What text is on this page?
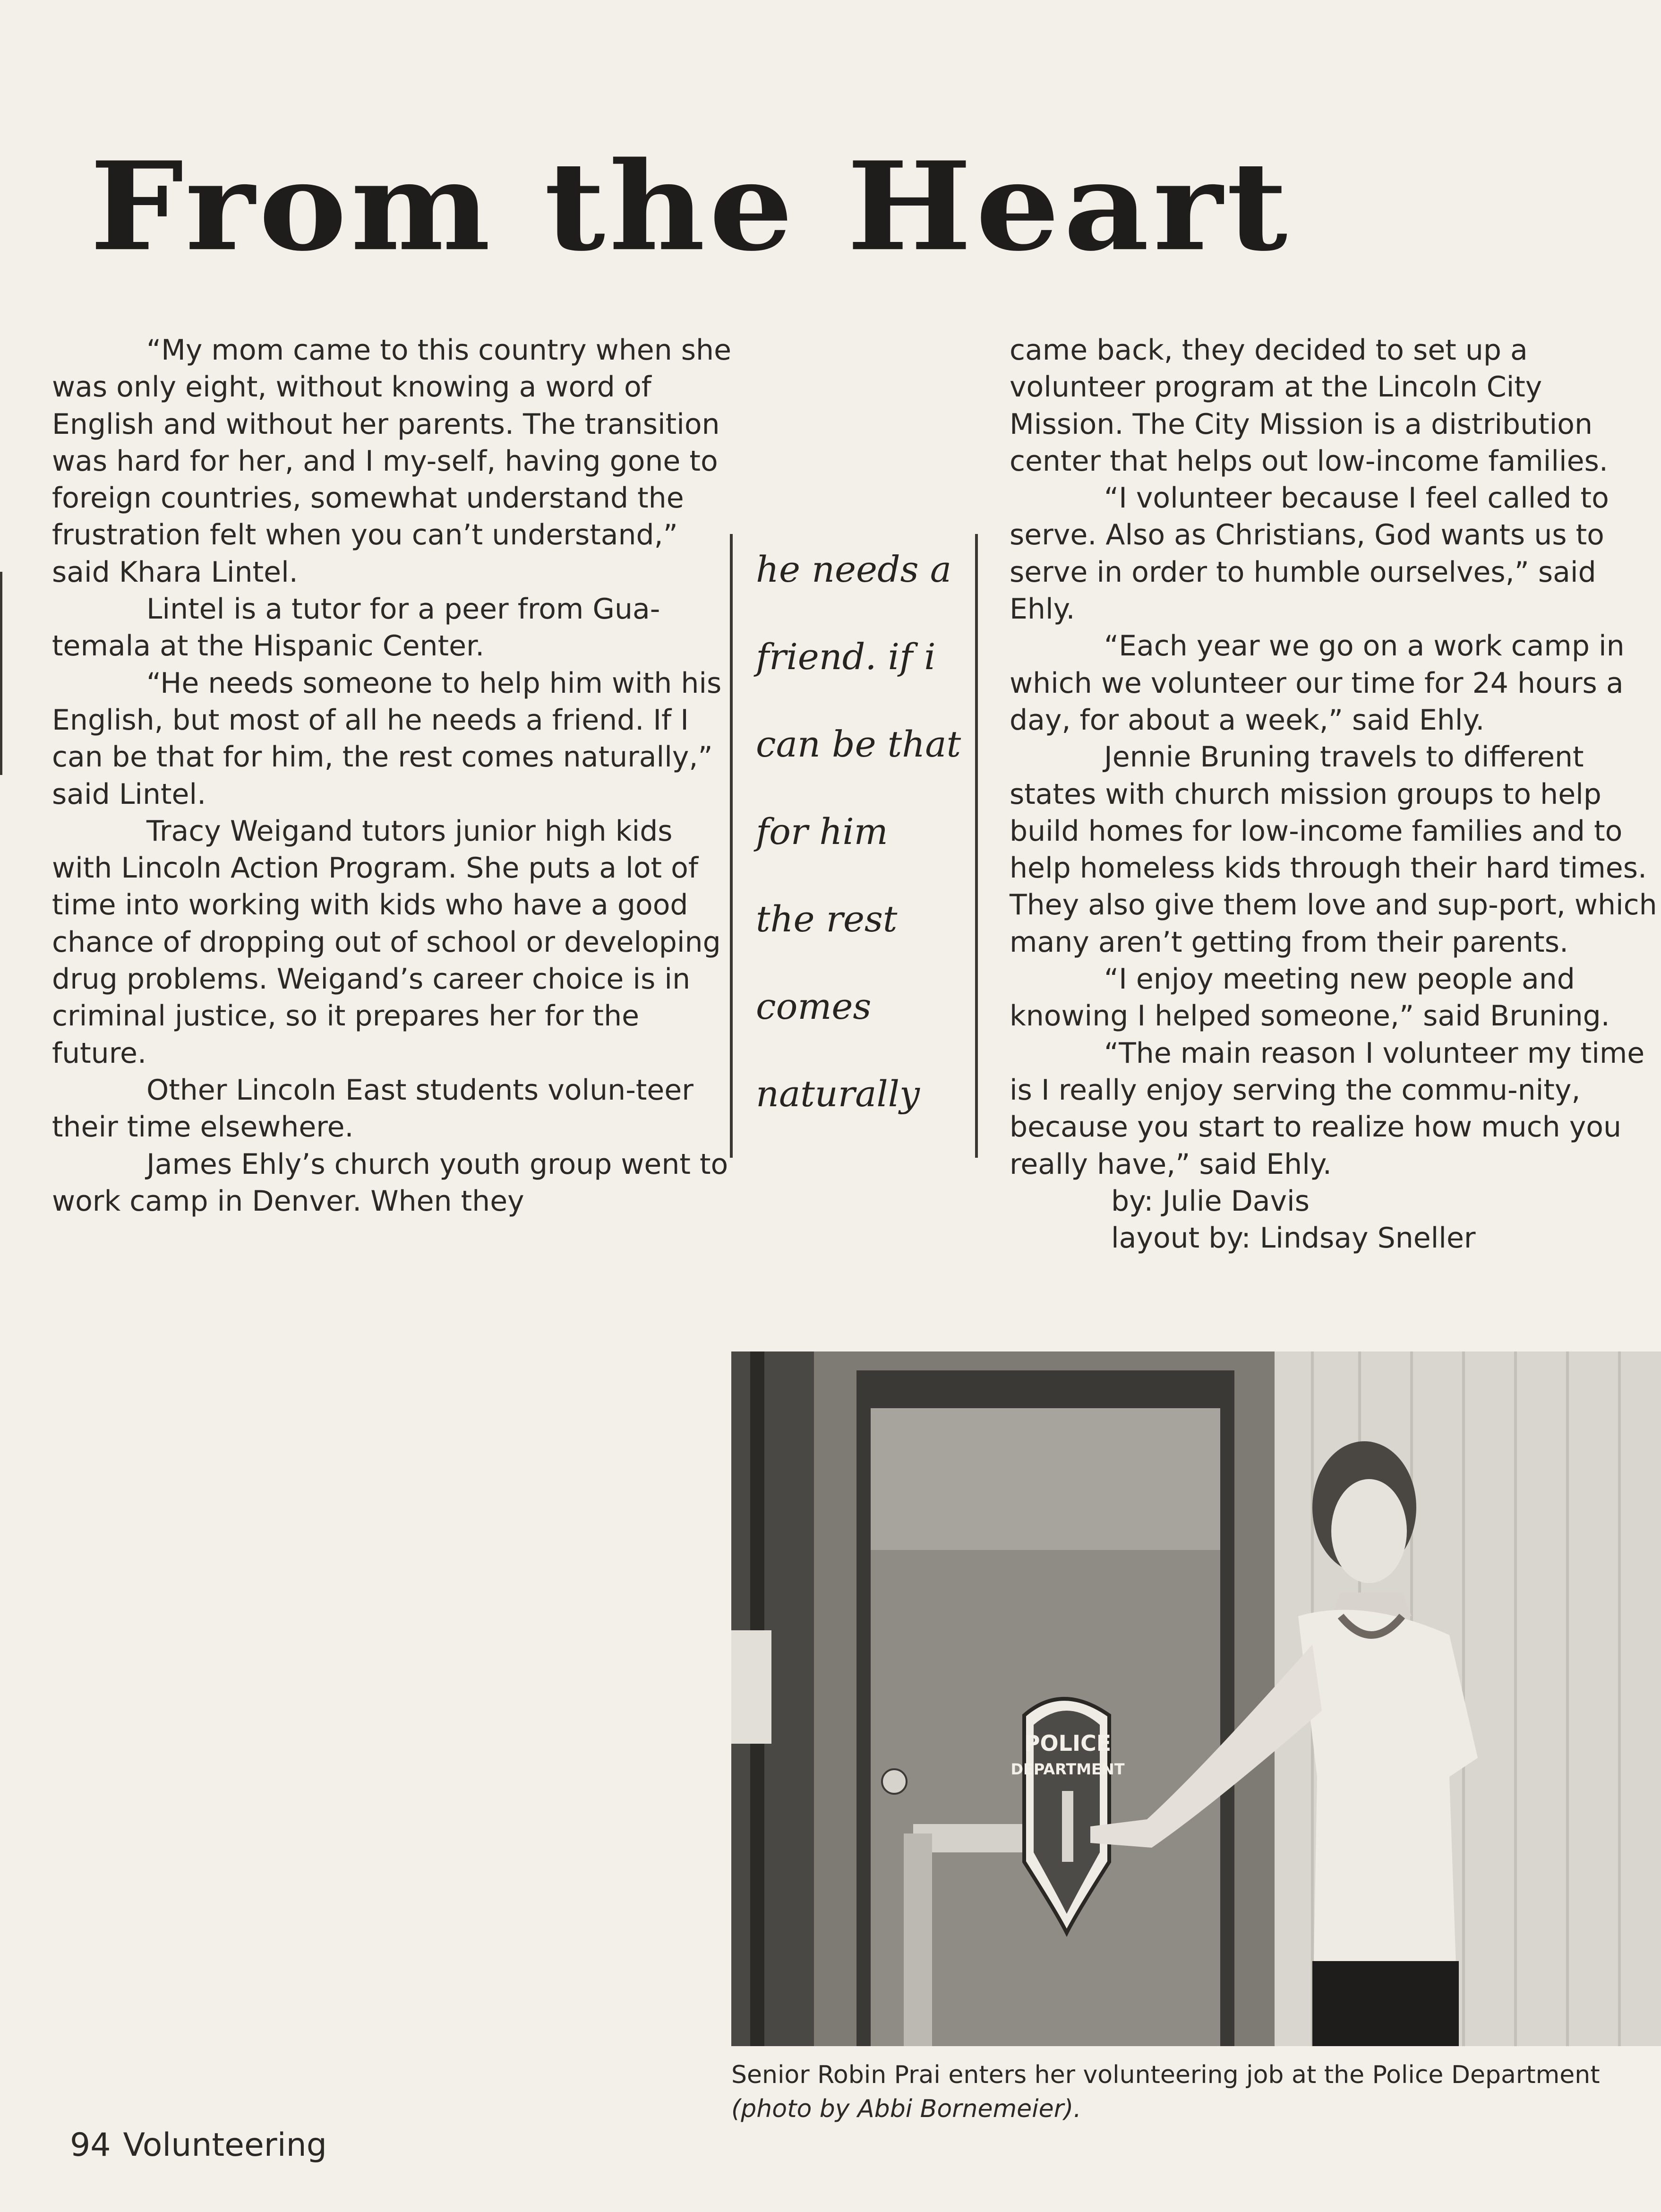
From the Heart

“My mom came to this country when she was only eight, without knowing a word of English and without her parents. The transition was hard for her, and I my-self, having gone to foreign countries, somewhat understand the frustration felt when you can’t understand,” said Khara Lintel.

Lintel is a tutor for a peer from Gua-temala at the Hispanic Center.

“He needs someone to help him with his English, but most of all he needs a friend. If I can be that for him, the rest comes naturally,” said Lintel.

Tracy Weigand tutors junior high kids with Lincoln Action Program. She puts a lot of time into working with kids who have a good chance of dropping out of school or developing drug problems. Weigand’s career choice is in criminal justice, so it prepares her for the future.

Other Lincoln East students volun-teer their time elsewhere.

James Ehly’s church youth group went to work camp in Denver. When they

he needs a
friend. if i
can be that
for him
the rest
comes
naturally

came back, they decided to set up a volunteer program at the Lincoln City Mission. The City Mission is a distribution center that helps out low-income families.

“I volunteer because I feel called to serve. Also as Christians, God wants us to serve in order to humble ourselves,” said Ehly.

“Each year we go on a work camp in which we volunteer our time for 24 hours a day, for about a week,” said Ehly.

Jennie Bruning travels to different states with church mission groups to help build homes for low-income families and to help homeless kids through their hard times. They also give them love and sup-port, which many aren’t getting from their parents.

“I enjoy meeting new people and knowing I helped someone,” said Bruning.

“The main reason I volunteer my time is I really enjoy serving the commu-nity, because you start to realize how much you really have,” said Ehly.

by: Julie Davis

layout by: Lindsay Sneller

POLICE
DEPARTMENT
Senior Robin Prai enters her volunteering job at the Police Department
(photo by Abbi Bornemeier).
94 Volunteering
